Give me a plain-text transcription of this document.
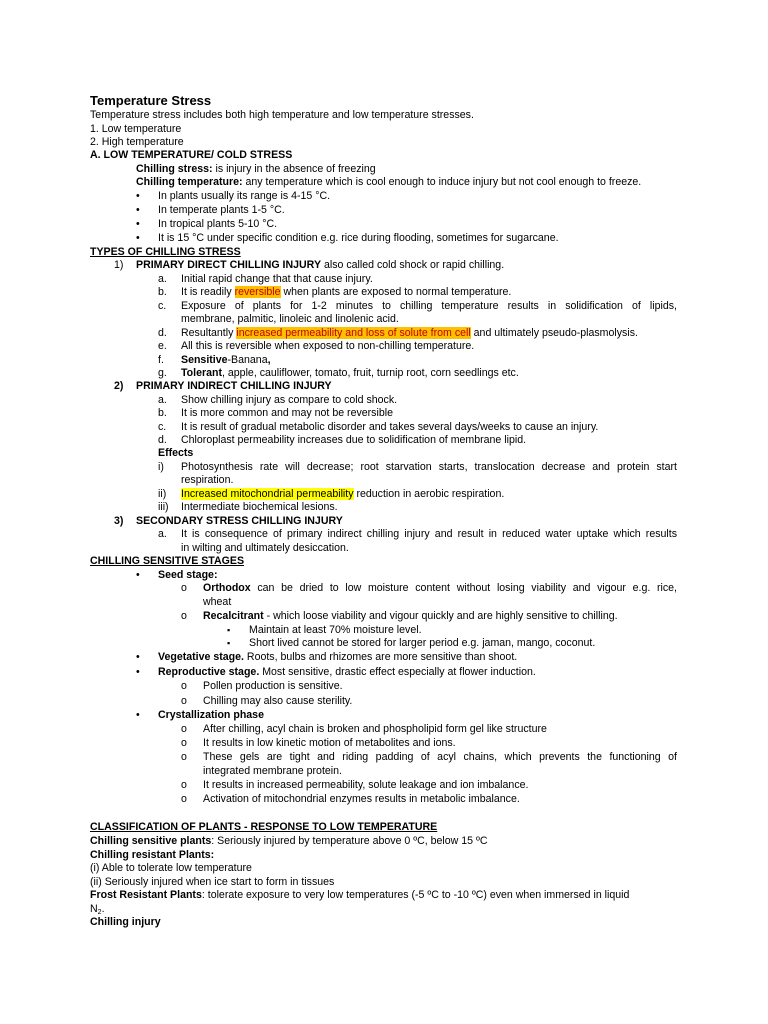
Temperature Stress
Temperature stress includes both high temperature and low temperature stresses.
1. Low temperature
2. High temperature
A. LOW TEMPERATURE/ COLD STRESS
Chilling stress: is injury in the absence of freezing
Chilling temperature: any temperature which is cool enough to induce injury but not cool enough to freeze.
• In plants usually its range is 4-15 °C.
• In temperate plants 1-5 °C.
• In tropical plants 5-10 °C.
• It is 15 °C under specific condition e.g. rice during flooding, sometimes for sugarcane.
TYPES OF CHILLING STRESS
1) PRIMARY DIRECT CHILLING INJURY also called cold shock or rapid chilling.
a. Initial rapid change that that cause injury.
b. It is readily reversible when plants are exposed to normal temperature.
c. Exposure of plants for 1-2 minutes to chilling temperature results in solidification of lipids,
membrane, palmitic, linoleic and linolenic acid.
d. Resultantly increased permeability and loss of solute from cell and ultimately pseudo-plasmolysis.
e. All this is reversible when exposed to non-chilling temperature.
f. Sensitive-Banana,
g. Tolerant, apple, cauliflower, tomato, fruit, turnip root, corn seedlings etc.
2) PRIMARY INDIRECT CHILLING INJURY
a. Show chilling injury as compare to cold shock.
b. It is more common and may not be reversible
c. It is result of gradual metabolic disorder and takes several days/weeks to cause an injury.
d. Chloroplast permeability increases due to solidification of membrane lipid.
Effects
i) Photosynthesis rate will decrease; root starvation starts, translocation decrease and protein start
respiration.
ii) Increased mitochondrial permeability reduction in aerobic respiration.
iii) Intermediate biochemical lesions.
3) SECONDARY STRESS CHILLING INJURY
a. It is consequence of primary indirect chilling injury and result in reduced water uptake which results
in wilting and ultimately desiccation.
CHILLING SENSITIVE STAGES
• Seed stage:
o Orthodox can be dried to low moisture content without losing viability and vigour e.g. rice,
wheat
o Recalcitrant - which loose viability and vigour quickly and are highly sensitive to chilling.
▪ Maintain at least 70% moisture level.
▪ Short lived cannot be stored for larger period e.g. jaman, mango, coconut.
• Vegetative stage. Roots, bulbs and rhizomes are more sensitive than shoot.
• Reproductive stage. Most sensitive, drastic effect especially at flower induction.
o Pollen production is sensitive.
o Chilling may also cause sterility.
• Crystallization phase
o After chilling, acyl chain is broken and phospholipid form gel like structure
o It results in low kinetic motion of metabolites and ions.
o These gels are tight and riding padding of acyl chains, which prevents the functioning of
integrated membrane protein.
o It results in increased permeability, solute leakage and ion imbalance.
o Activation of mitochondrial enzymes results in metabolic imbalance.
CLASSIFICATION OF PLANTS - RESPONSE TO LOW TEMPERATURE
Chilling sensitive plants: Seriously injured by temperature above 0 ºC, below 15 ºC
Chilling resistant Plants:
(i) Able to tolerate low temperature
(ii) Seriously injured when ice start to form in tissues
Frost Resistant Plants: tolerate exposure to very low temperatures (-5 ºC to -10 ºC) even when immersed in liquid
$N_2$.
Chilling injury
